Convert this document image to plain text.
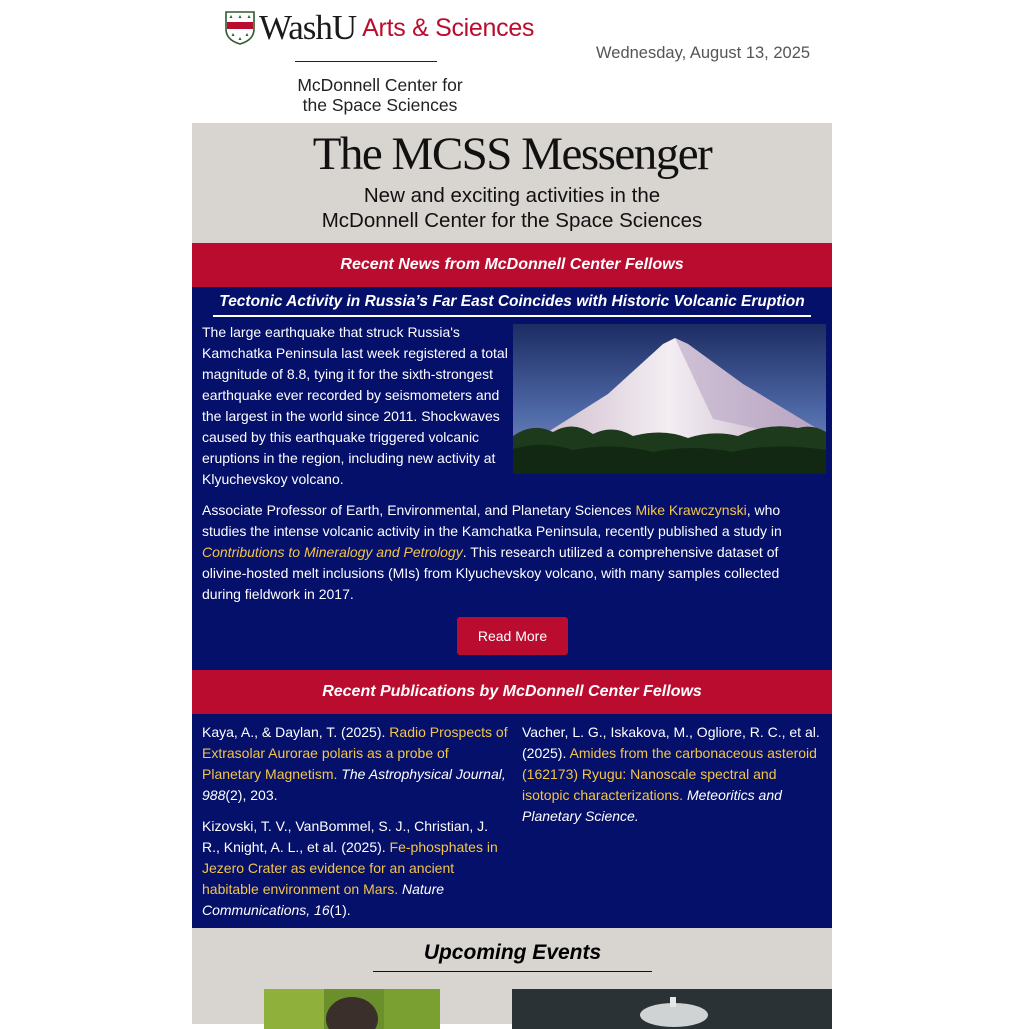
WashU Arts & Sciences
McDonnell Center for
the Space Sciences
Wednesday, August 13, 2025
The MCSS Messenger
New and exciting activities in the
McDonnell Center for the Space Sciences
Recent News from McDonnell Center Fellows
Tectonic Activity in Russia’s Far East Coincides with Historic Volcanic Eruption
The large earthquake that struck Russia's Kamchatka Peninsula last week registered a total magnitude of 8.8, tying it for the sixth-strongest earthquake ever recorded by seismometers and the largest in the world since 2011. Shockwaves caused by this earthquake triggered volcanic eruptions in the region, including new activity at Klyuchevskoy volcano.
Associate Professor of Earth, Environmental, and Planetary Sciences Mike Krawczynski, who studies the intense volcanic activity in the Kamchatka Peninsula, recently published a study in Contributions to Mineralogy and Petrology. This research utilized a comprehensive dataset of olivine-hosted melt inclusions (MIs) from Klyuchevskoy volcano, with many samples collected during fieldwork in 2017.
Read More
Recent Publications by McDonnell Center Fellows
Kaya, A., & Daylan, T. (2025). Radio Prospects of Extrasolar Aurorae polaris as a probe of Planetary Magnetism. The Astrophysical Journal, 988(2), 203.
Kizovski, T. V., VanBommel, S. J., Christian, J. R., Knight, A. L., et al. (2025). Fe-phosphates in Jezero Crater as evidence for an ancient habitable environment on Mars. Nature Communications, 16(1).
Vacher, L. G., Iskakova, M., Ogliore, R. C., et al. (2025). Amides from the carbonaceous asteroid (162173) Ryugu: Nanoscale spectral and isotopic characterizations. Meteoritics and Planetary Science.
Upcoming Events
